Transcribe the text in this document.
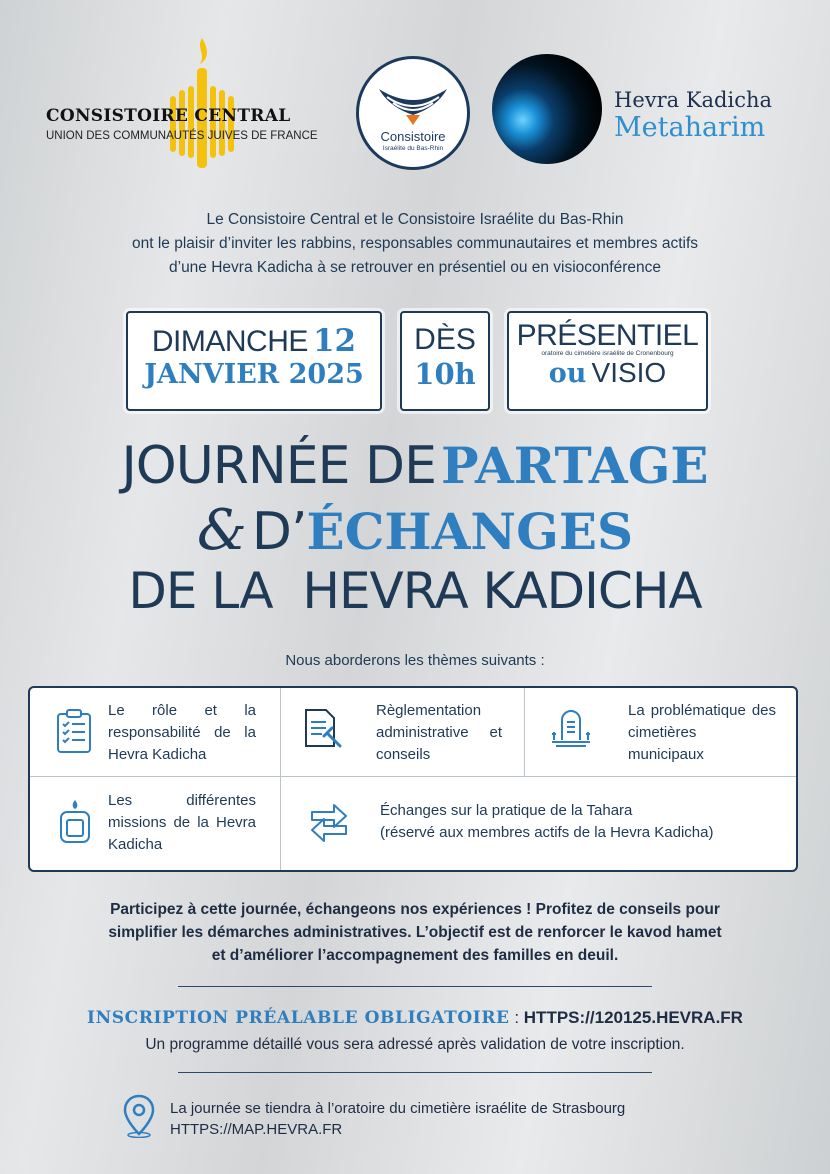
CONSISTOIRE CENTRAL
UNION DES COMMUNAUTÉS JUIVES DE FRANCE	Consistoire
Israélite du Bas-Rhin
Hevra Kadicha
Metaharim
Le Consistoire Central et le Consistoire Israélite du Bas-Rhin
ont le plaisir d’inviter les rabbins, responsables communautaires et membres actifs
d’une Hevra Kadicha à se retrouver en présentiel ou en visioconférence
DIMANCHE 12
JANVIER 2025
DÈS
10h
PRÉSENTIEL
oratoire du cimetière israélite de Cronenbourg
ou VISIO
JOURNÉE DE PARTAGE
& D’ÉCHANGES
DE LA  HEVRA KADICHA
Nous aborderons les thèmes suivants :
Le rôle et la responsabilité de la Hevra Kadicha
Règlementation administrative et conseils
La problématique des cimetières municipaux
Les différentes missions de la Hevra Kadicha
Échanges sur la pratique de la Tahara
(réservé aux membres actifs de la Hevra Kadicha)
Participez à cette journée, échangeons nos expériences ! Profitez de conseils pour
simplifier les démarches administratives. L’objectif est de renforcer le kavod hamet
et d’améliorer l’accompagnement des familles en deuil.
INSCRIPTION PRÉALABLE OBLIGATOIRE : HTTPS://120125.HEVRA.FR
Un programme détaillé vous sera adressé après validation de votre inscription.
La journée se tiendra à l’oratoire du cimetière israélite de Strasbourg
HTTPS://MAP.HEVRA.FR
